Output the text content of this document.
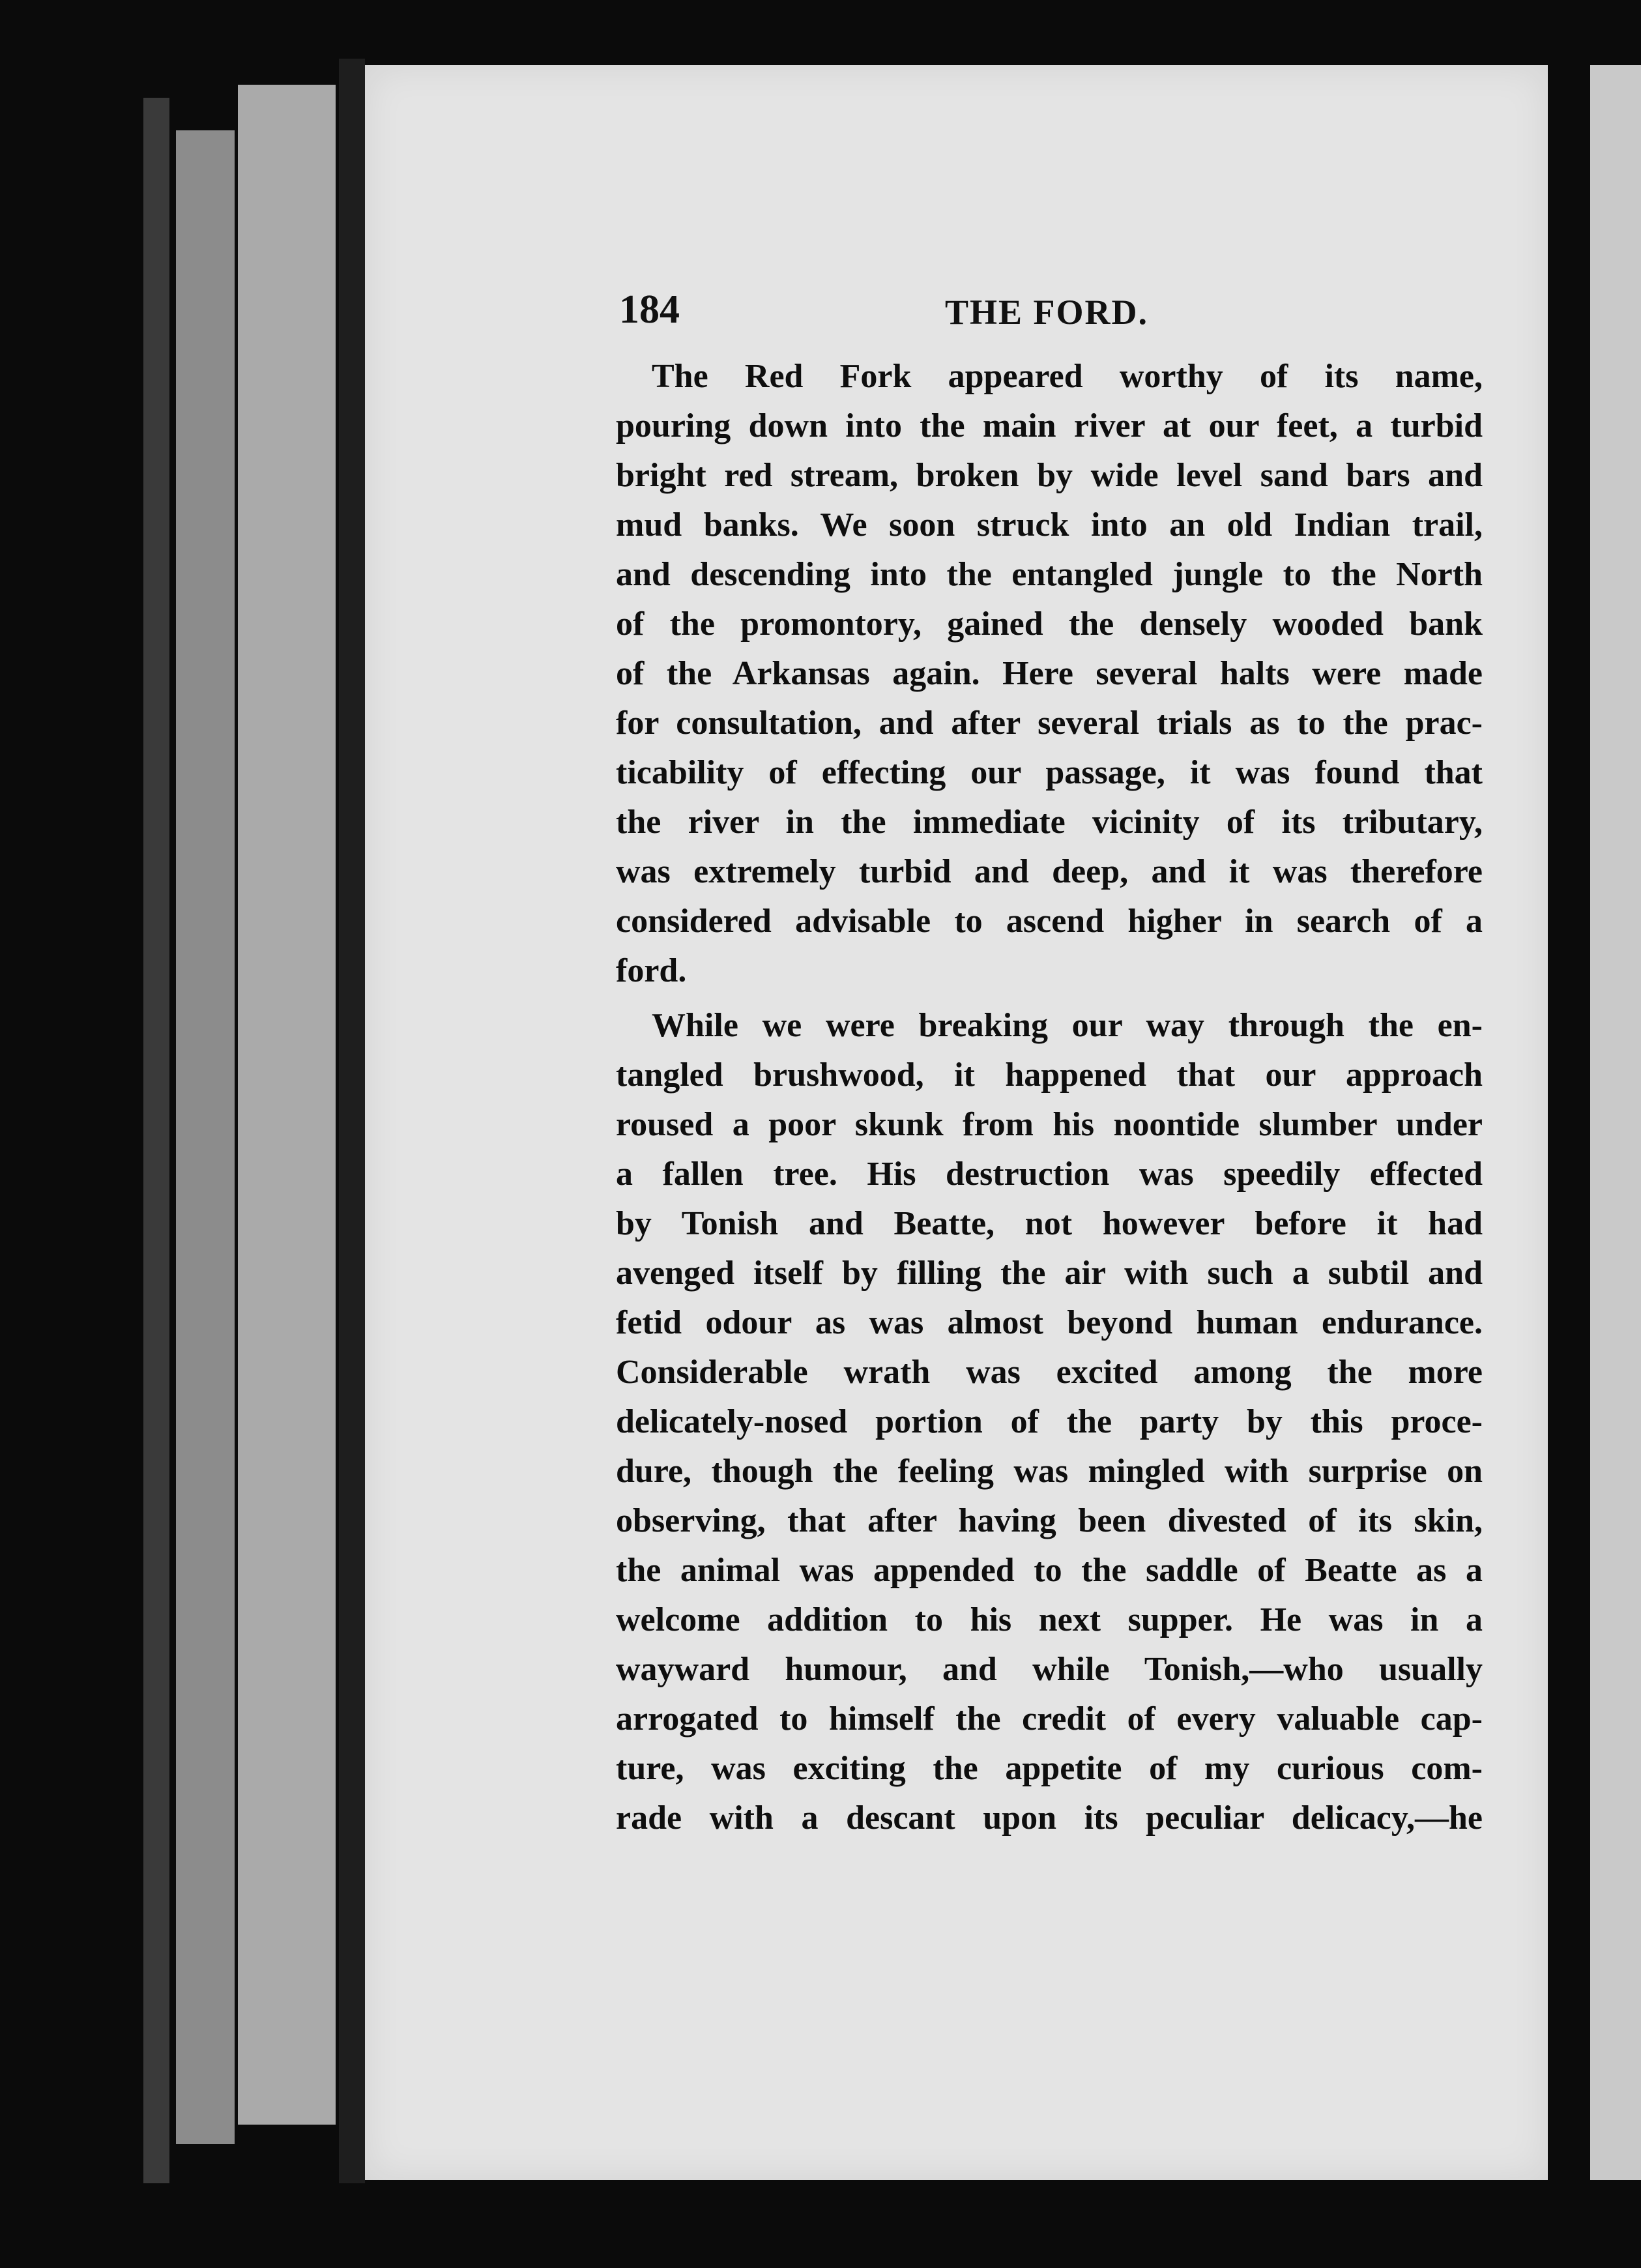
184	THE FORD.
The Red Fork appeared worthy of its name,
pouring down into the main river at our feet, a turbid
bright red stream, broken by wide level sand bars and
mud banks. We soon struck into an old Indian trail,
and descending into the entangled jungle to the North
of the promontory, gained the densely wooded bank
of the Arkansas again. Here several halts were made
for consultation, and after several trials as to the prac-
ticability of effecting our passage, it was found that
the river in the immediate vicinity of its tributary,
was extremely turbid and deep, and it was therefore
considered advisable to ascend higher in search of a
ford.
While we were breaking our way through the en-
tangled brushwood, it happened that our approach
roused a poor skunk from his noontide slumber under
a fallen tree. His destruction was speedily effected
by Tonish and Beatte, not however before it had
avenged itself by filling the air with such a subtil and
fetid odour as was almost beyond human endurance.
Considerable wrath was excited among the more
delicately-nosed portion of the party by this proce-
dure, though the feeling was mingled with surprise on
observing, that after having been divested of its skin,
the animal was appended to the saddle of Beatte as a
welcome addition to his next supper. He was in a
wayward humour, and while Tonish,—who usually
arrogated to himself the credit of every valuable cap-
ture, was exciting the appetite of my curious com-
rade with a descant upon its peculiar delicacy,—he
